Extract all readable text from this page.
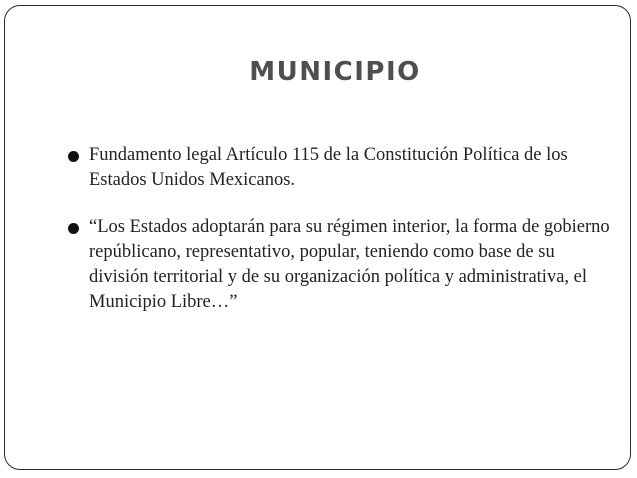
MUNICIPIO
Fundamento legal Artículo 115 de la Constitución Política de los Estados Unidos Mexicanos.
“Los Estados adoptarán para su régimen interior, la forma de gobierno repúblicano, representativo, popular, teniendo como base de su división territorial y de su organización política y administrativa, el Municipio Libre…”
